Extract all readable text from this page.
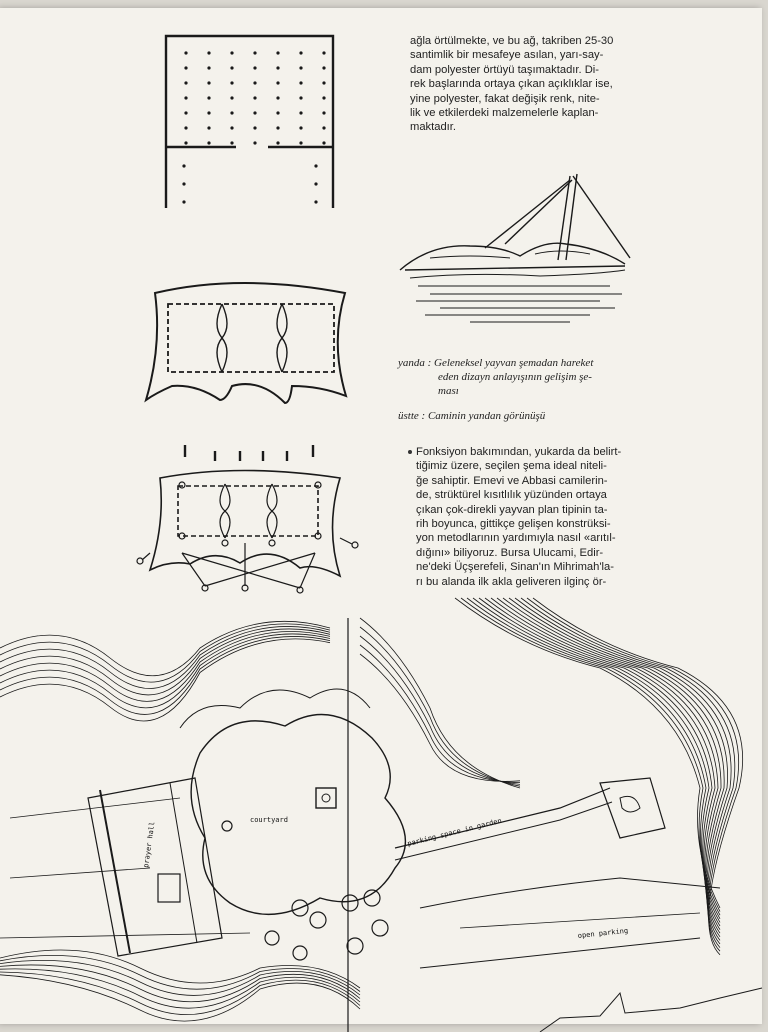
ağla örtülmekte, ve bu ağ, takriben 25-30

santimlik bir mesafeye asılan, yarı-say-

dam polyester örtüyü taşımaktadır. Di-

rek başlarında ortaya çıkan açıklıklar ise,

yine polyester, fakat değişik renk, nite-

lik ve etkilerdeki malzemelerle kaplan-

maktadır.

yanda : Geleneksel yayvan şemadan hareket
eden dizayn anlayışının gelişim şe-
ması
üstte : Caminin yandan görünüşü

Fonksiyon bakımından, yukarda da belirt-

tiğimiz üzere, seçilen şema ideal niteli-

ğe sahiptir. Emevi ve Abbasi camilerin-

de, strüktürel kısıtlılık yüzünden ortaya

çıkan çok-direkli yayvan plan tipinin ta-

rih boyunca, gittikçe gelişen konstrüksi-

yon metodlarının yardımıyla nasıl «arıtıl-

dığını» biliyoruz. Bursa Ulucami, Edir-

ne'deki Üçşerefeli, Sinan'ın Mihrimah'la-

rı bu alanda ilk akla geliveren ilginç ör-

courtyard	parking space in garden
open parking
prayer hall
